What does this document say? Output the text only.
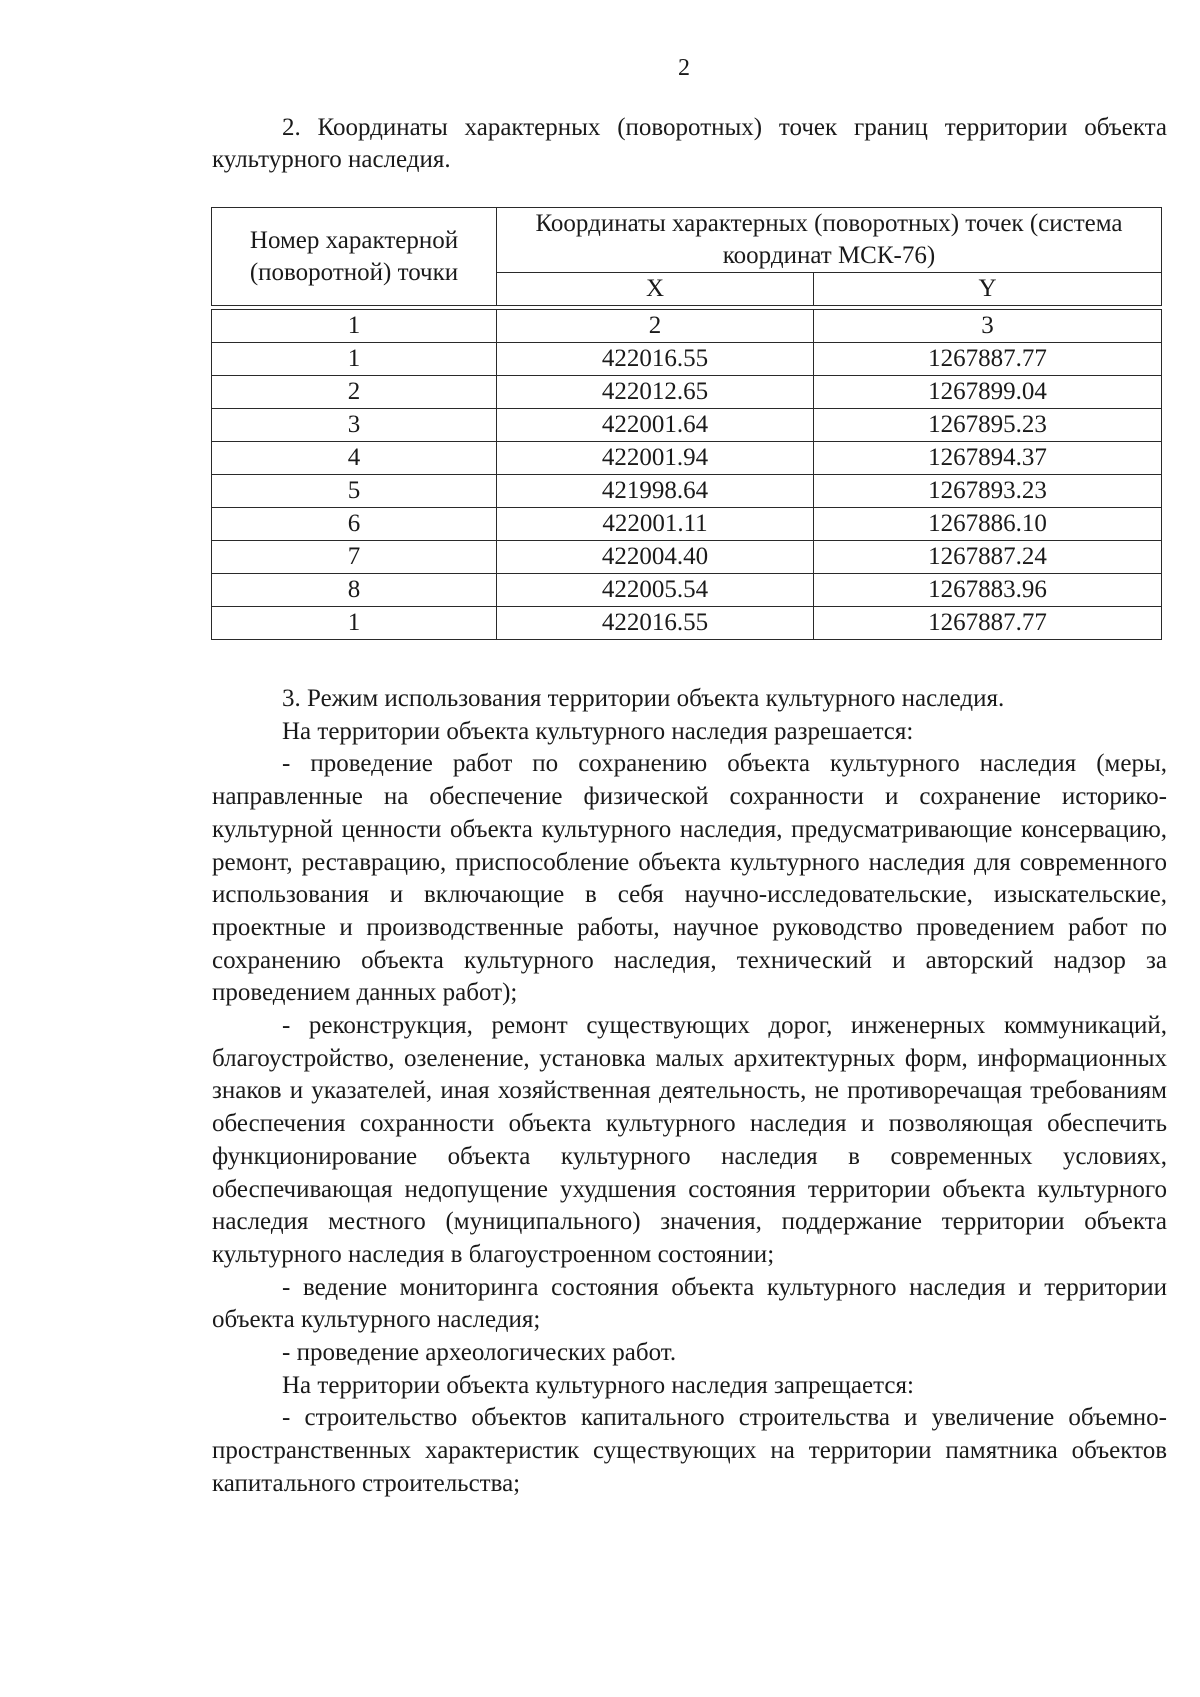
2

2. Координаты характерных (поворотных) точек границ территории объекта культурного наследия.

Номер характерной (поворотной) точки	Координаты характерных (поворотных) точек (система координат МСК-76)	
	X	Y

1	2	3
1	422016.55	1267887.77
2	422012.65	1267899.04
3	422001.64	1267895.23
4	422001.94	1267894.37
5	421998.64	1267893.23
6	422001.11	1267886.10
7	422004.40	1267887.24
8	422005.54	1267883.96
1	422016.55	1267887.77

3. Режим использования территории объекта культурного наследия.

На территории объекта культурного наследия разрешается:

- проведение работ по сохранению объекта культурного наследия (меры, направленные на обеспечение физической сохранности и сохранение историко-культурной ценности объекта культурного наследия, предусматривающие консервацию, ремонт, реставрацию, приспособление объекта культурного наследия для современного использования и включающие в себя научно-исследовательские, изыскательские, проектные и производственные работы, научное руководство проведением работ по сохранению объекта культурного наследия, технический и авторский надзор за проведением данных работ);

- реконструкция, ремонт существующих дорог, инженерных коммуникаций, благоустройство, озеленение, установка малых архитектурных форм, информационных знаков и указателей, иная хозяйственная деятельность, не противоречащая требованиям обеспечения сохранности объекта культурного наследия и позволяющая обеспечить функционирование объекта культурного наследия в современных условиях, обеспечивающая недопущение ухудшения состояния территории объекта культурного наследия местного (муниципального) значения, поддержание территории объекта культурного наследия в благоустроенном состоянии;

- ведение мониторинга состояния объекта культурного наследия и территории объекта культурного наследия;

- проведение археологических работ.

На территории объекта культурного наследия запрещается:

- строительство объектов капитального строительства и увеличение объемно-пространственных характеристик существующих на территории памятника объектов капитального строительства;
